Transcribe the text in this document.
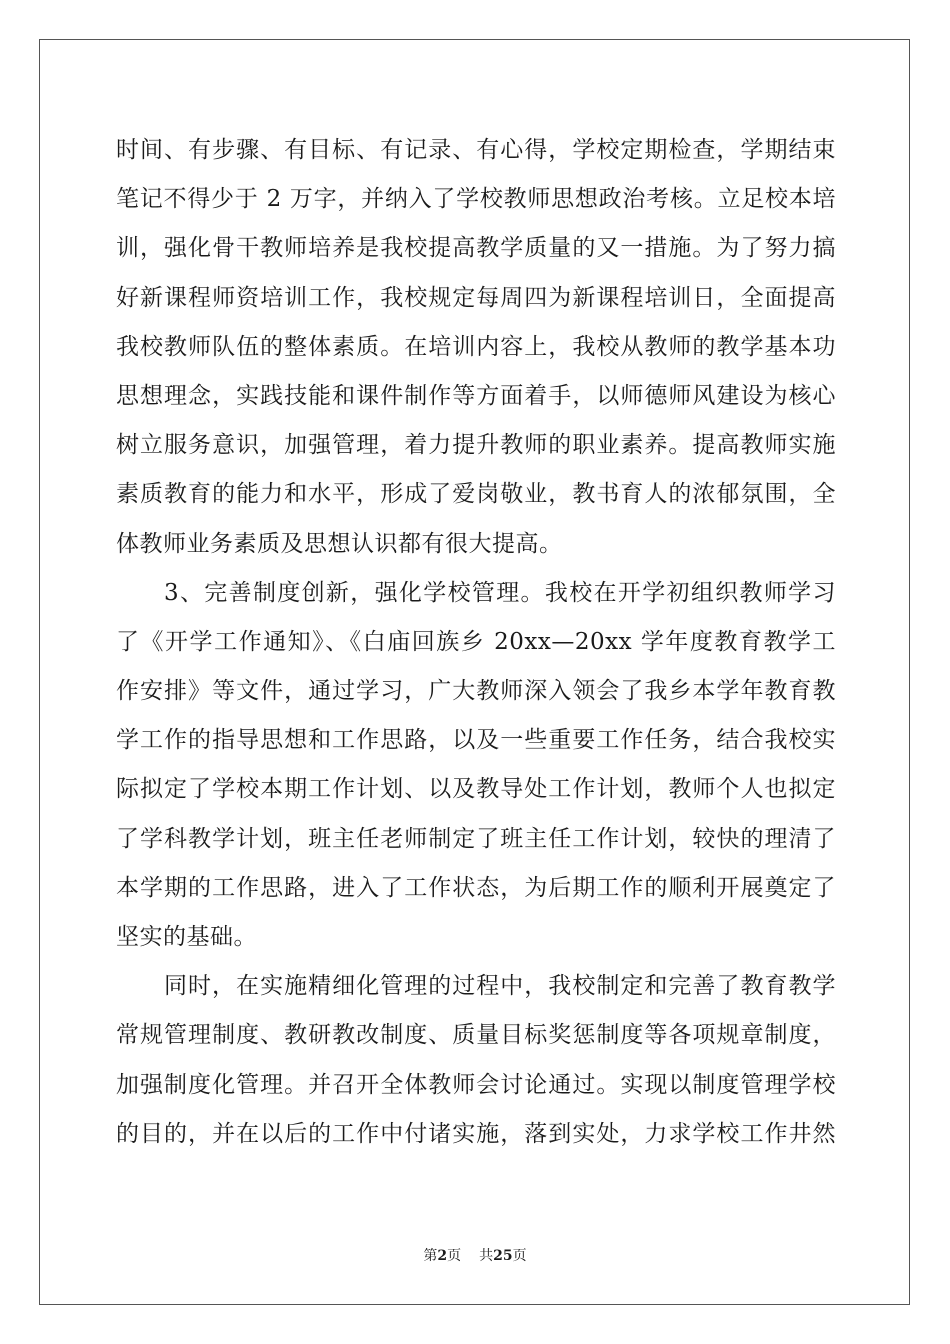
时间、有步骤、有目标、有记录、有心得，学校定期检查，学期结束
笔记不得少于 2 万字，并纳入了学校教师思想政治考核。立足校本培
训，强化骨干教师培养是我校提高教学质量的又一措施。为了努力搞
好新课程师资培训工作，我校规定每周四为新课程培训日，全面提高
我校教师队伍的整体素质。在培训内容上，我校从教师的教学基本功
思想理念，实践技能和课件制作等方面着手，以师德师风建设为核心
树立服务意识，加强管理，着力提升教师的职业素养。提高教师实施
素质教育的能力和水平，形成了爱岗敬业，教书育人的浓郁氛围，全
体教师业务素质及思想认识都有很大提高。
3、完善制度创新，强化学校管理。我校在开学初组织教师学习
了《开学工作通知》、《白庙回族乡 20xx—20xx 学年度教育教学工
作安排》等文件，通过学习，广大教师深入领会了我乡本学年教育教
学工作的指导思想和工作思路，以及一些重要工作任务，结合我校实
际拟定了学校本期工作计划、以及教导处工作计划，教师个人也拟定
了学科教学计划，班主任老师制定了班主任工作计划，较快的理清了
本学期的工作思路，进入了工作状态，为后期工作的顺利开展奠定了
坚实的基础。
同时，在实施精细化管理的过程中，我校制定和完善了教育教学
常规管理制度、教研教改制度、质量目标奖惩制度等各项规章制度，
加强制度化管理。并召开全体教师会讨论通过。实现以制度管理学校
的目的，并在以后的工作中付诸实施，落到实处，力求学校工作井然
第2页 共25页
